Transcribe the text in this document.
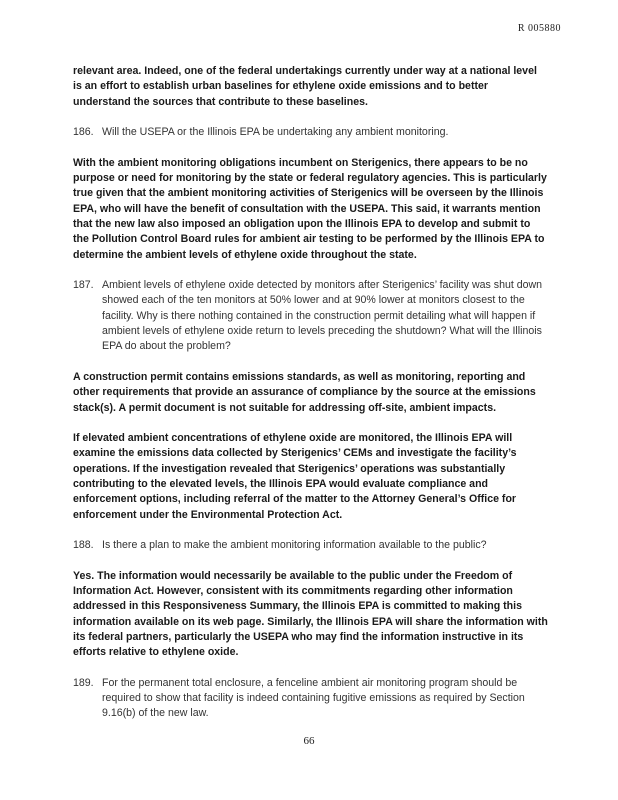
R 005880

relevant area. Indeed, one of the federal undertakings currently under way at a national level is an effort to establish urban baselines for ethylene oxide emissions and to better understand the sources that contribute to these baselines.

186. Will the USEPA or the Illinois EPA be undertaking any ambient monitoring.

With the ambient monitoring obligations incumbent on Sterigenics, there appears to be no purpose or need for monitoring by the state or federal regulatory agencies. This is particularly true given that the ambient monitoring activities of Sterigenics will be overseen by the Illinois EPA, who will have the benefit of consultation with the USEPA. This said, it warrants mention that the new law also imposed an obligation upon the Illinois EPA to develop and submit to the Pollution Control Board rules for ambient air testing to be performed by the Illinois EPA to determine the ambient levels of ethylene oxide throughout the state.

187. Ambient levels of ethylene oxide detected by monitors after Sterigenics’ facility was shut down showed each of the ten monitors at 50% lower and at 90% lower at monitors closest to the facility. Why is there nothing contained in the construction permit detailing what will happen if ambient levels of ethylene oxide return to levels preceding the shutdown? What will the Illinois EPA do about the problem?

A construction permit contains emissions standards, as well as monitoring, reporting and other requirements that provide an assurance of compliance by the source at the emissions stack(s). A permit document is not suitable for addressing off-site, ambient impacts.

If elevated ambient concentrations of ethylene oxide are monitored, the Illinois EPA will examine the emissions data collected by Sterigenics’ CEMs and investigate the facility’s operations. If the investigation revealed that Sterigenics’ operations was substantially contributing to the elevated levels, the Illinois EPA would evaluate compliance and enforcement options, including referral of the matter to the Attorney General’s Office for enforcement under the Environmental Protection Act.

188. Is there a plan to make the ambient monitoring information available to the public?

Yes. The information would necessarily be available to the public under the Freedom of Information Act. However, consistent with its commitments regarding other information addressed in this Responsiveness Summary, the Illinois EPA is committed to making this information available on its web page. Similarly, the Illinois EPA will share the information with its federal partners, particularly the USEPA who may find the information instructive in its efforts relative to ethylene oxide.

189. For the permanent total enclosure, a fenceline ambient air monitoring program should be required to show that facility is indeed containing fugitive emissions as required by Section 9.16(b) of the new law.
66
